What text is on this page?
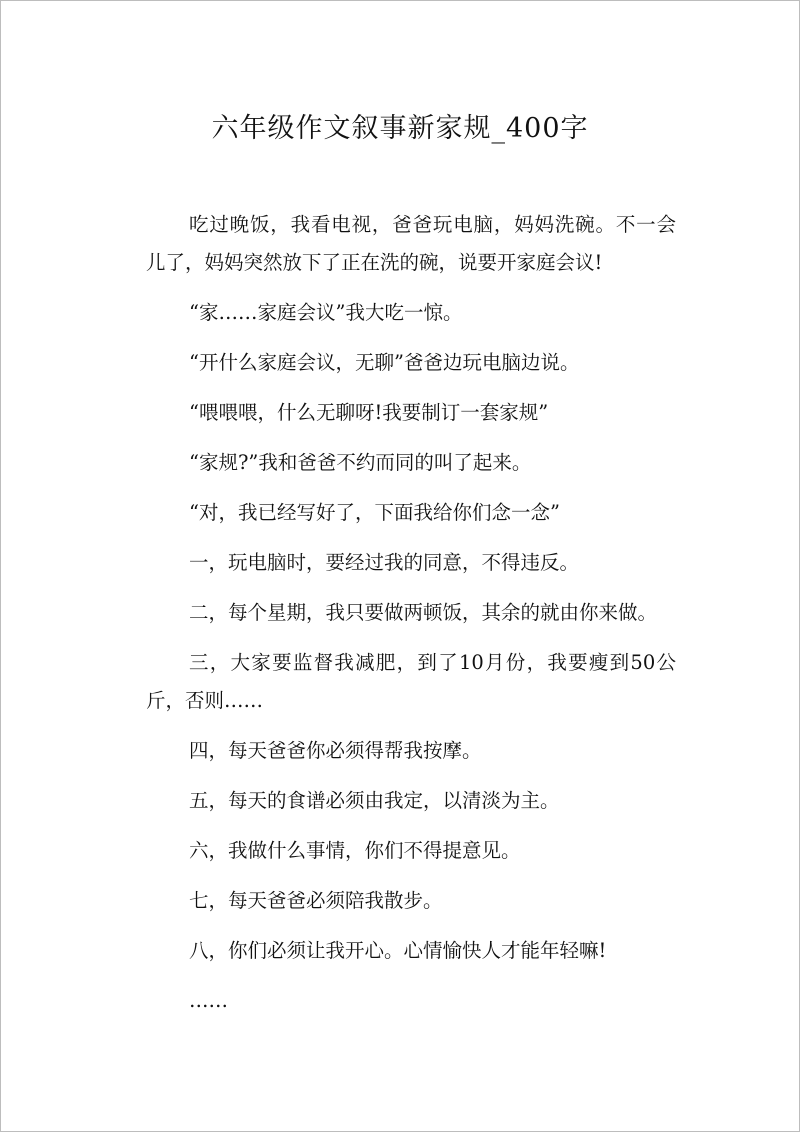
六年级作文叙事新家规_400字

吃过晚饭，我看电视，爸爸玩电脑，妈妈洗碗。不一会儿了，妈妈突然放下了正在洗的碗，说要开家庭会议!

“家……家庭会议”我大吃一惊。

“开什么家庭会议，无聊”爸爸边玩电脑边说。

“喂喂喂，什么无聊呀!我要制订一套家规”

“家规?”我和爸爸不约而同的叫了起来。

“对，我已经写好了，下面我给你们念一念”

一，玩电脑时，要经过我的同意，不得违反。

二，每个星期，我只要做两顿饭，其余的就由你来做。

三，大家要监督我减肥，到了10月份，我要瘦到50公斤，否则……

四，每天爸爸你必须得帮我按摩。

五，每天的食谱必须由我定，以清淡为主。

六，我做什么事情，你们不得提意见。

七，每天爸爸必须陪我散步。

八，你们必须让我开心。心情愉快人才能年轻嘛!

……
